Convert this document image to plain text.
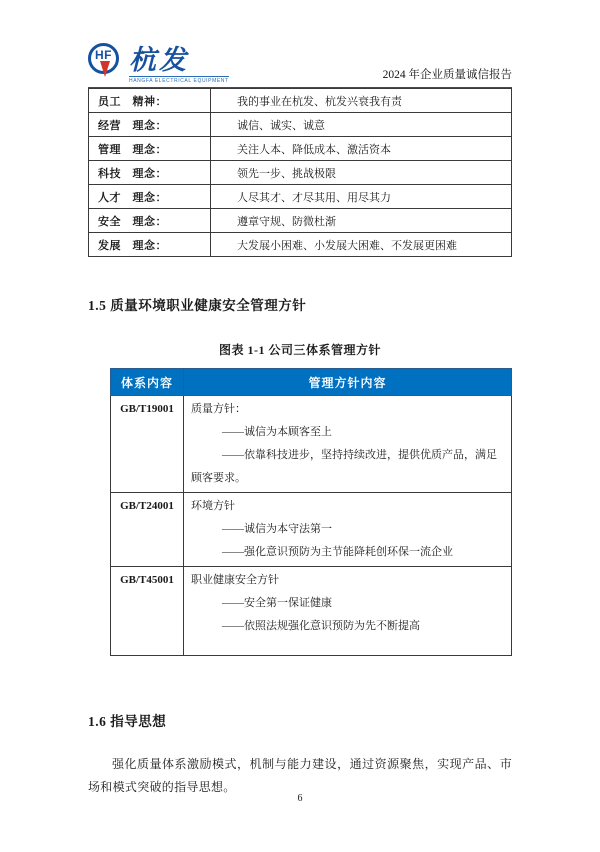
HF 杭发
HANGFA ELECTRICAL EQUIPMENT	2024 年企业质量诚信报告
员工　精神：	我的事业在杭发、杭发兴衰我有责
经营　理念：	诚信、诚实、诚意
管理　理念：	关注人本、降低成本、激活资本
科技　理念：	领先一步、挑战极限
人才　理念：	人尽其才、才尽其用、用尽其力
安全　理念：	遵章守规、防微杜渐
发展　理念：	大发展小困难、小发展大困难、不发展更困难
1.5 质量环境职业健康安全管理方针
图表 1-1 公司三体系管理方针
体系内容	管理方针内容
GB/T19001	质量方针：

——诚信为本顾客至上

——依靠科技进步，坚持持续改进，提供优质产品，满足顾客要求。

GB/T24001	环境方针

——诚信为本守法第一

——强化意识预防为主节能降耗创环保一流企业

GB/T45001	职业健康安全方针

——安全第一保证健康

——依照法规强化意识预防为先不断提高

1.6 指导思想

强化质量体系激励模式，机制与能力建设，通过资源聚焦，实现产品、市场和模式突破的指导思想。

6
